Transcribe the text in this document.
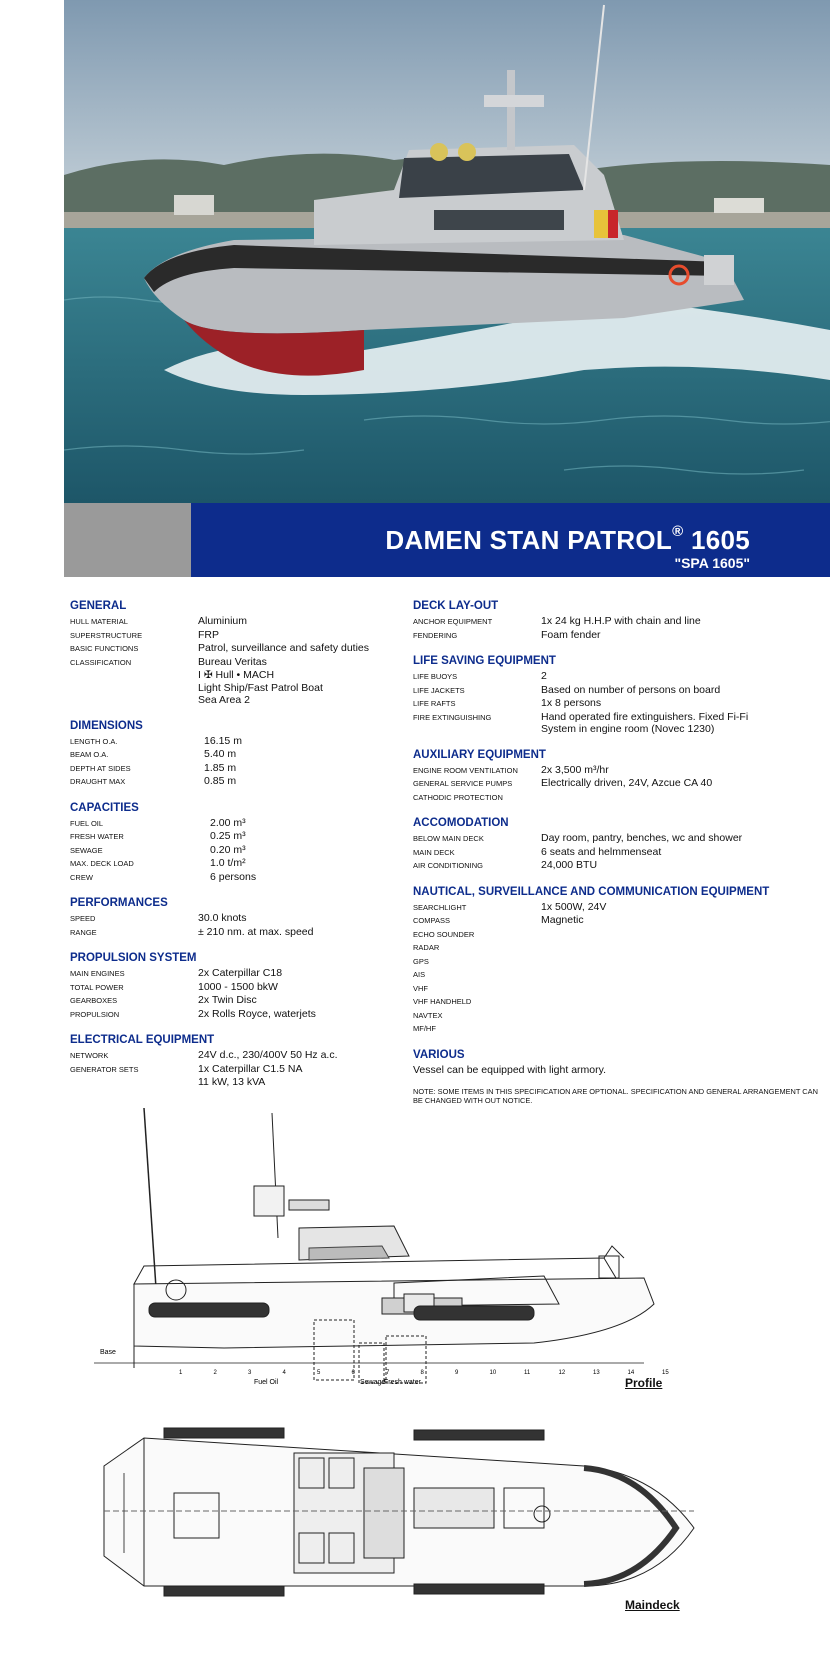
DAMEN STAN PATROL® 1605
"SPA 1605"
GENERAL
HULL MATERIAL	Aluminium
SUPERSTRUCTURE	FRP
BASIC FUNCTIONS	Patrol, surveillance and safety duties
CLASSIFICATION	Bureau Veritas
I ✠ Hull • MACH
Light Ship/Fast Patrol Boat
Sea Area 2
DIMENSIONS
LENGTH O.A.	16.15 m
BEAM O.A.	5.40 m
DEPTH AT SIDES	1.85 m
DRAUGHT MAX	0.85 m
CAPACITIES
FUEL OIL	2.00 m³
FRESH WATER	0.25 m³
SEWAGE	0.20 m³
MAX. DECK LOAD	1.0 t/m²
CREW	6 persons
PERFORMANCES
SPEED	30.0 knots
RANGE	± 210 nm. at max. speed
PROPULSION SYSTEM
MAIN ENGINES	2x Caterpillar C18
TOTAL POWER	1000 - 1500 bkW
GEARBOXES	2x Twin Disc
PROPULSION	2x Rolls Royce, waterjets
ELECTRICAL EQUIPMENT
NETWORK	24V d.c., 230/400V 50 Hz a.c.
GENERATOR SETS	1x Caterpillar C1.5 NA
11 kW, 13 kVA
DECK LAY-OUT
ANCHOR EQUIPMENT	1x 24 kg H.H.P with chain and line
FENDERING	Foam fender
LIFE SAVING EQUIPMENT
LIFE BUOYS	2
LIFE JACKETS	Based on number of persons on board
LIFE RAFTS	1x 8 persons
FIRE EXTINGUISHING	Hand operated fire extinguishers. Fixed Fi-Fi
System in engine room (Novec 1230)
AUXILIARY EQUIPMENT
ENGINE ROOM VENTILATION	2x 3,500 m³/hr
GENERAL SERVICE PUMPS	Electrically driven, 24V, Azcue CA 40
CATHODIC PROTECTION
ACCOMODATION
BELOW MAIN DECK	Day room, pantry, benches, wc and shower
MAIN DECK	6 seats and helmmenseat
AIR CONDITIONING	24,000 BTU
NAUTICAL, SURVEILLANCE AND COMMUNICATION EQUIPMENT
SEARCHLIGHT	1x 500W, 24V
COMPASS	Magnetic
ECHO SOUNDER
RADAR
GPS
AIS
VHF
VHF HANDHELD
NAVTEX
MF/HF
VARIOUS
Vessel can be equipped with light armory.
NOTE: SOME ITEMS IN THIS SPECIFICATION ARE OPTIONAL. SPECIFICATION AND GENERAL ARRANGEMENT CAN BE CHANGED WITH OUT NOTICE.
1	2	3	4	5	6	7	8	9	10	11	12	13	14	15
Fuel Oil	Sewage
Fresh water
Base
Profile
Maindeck
